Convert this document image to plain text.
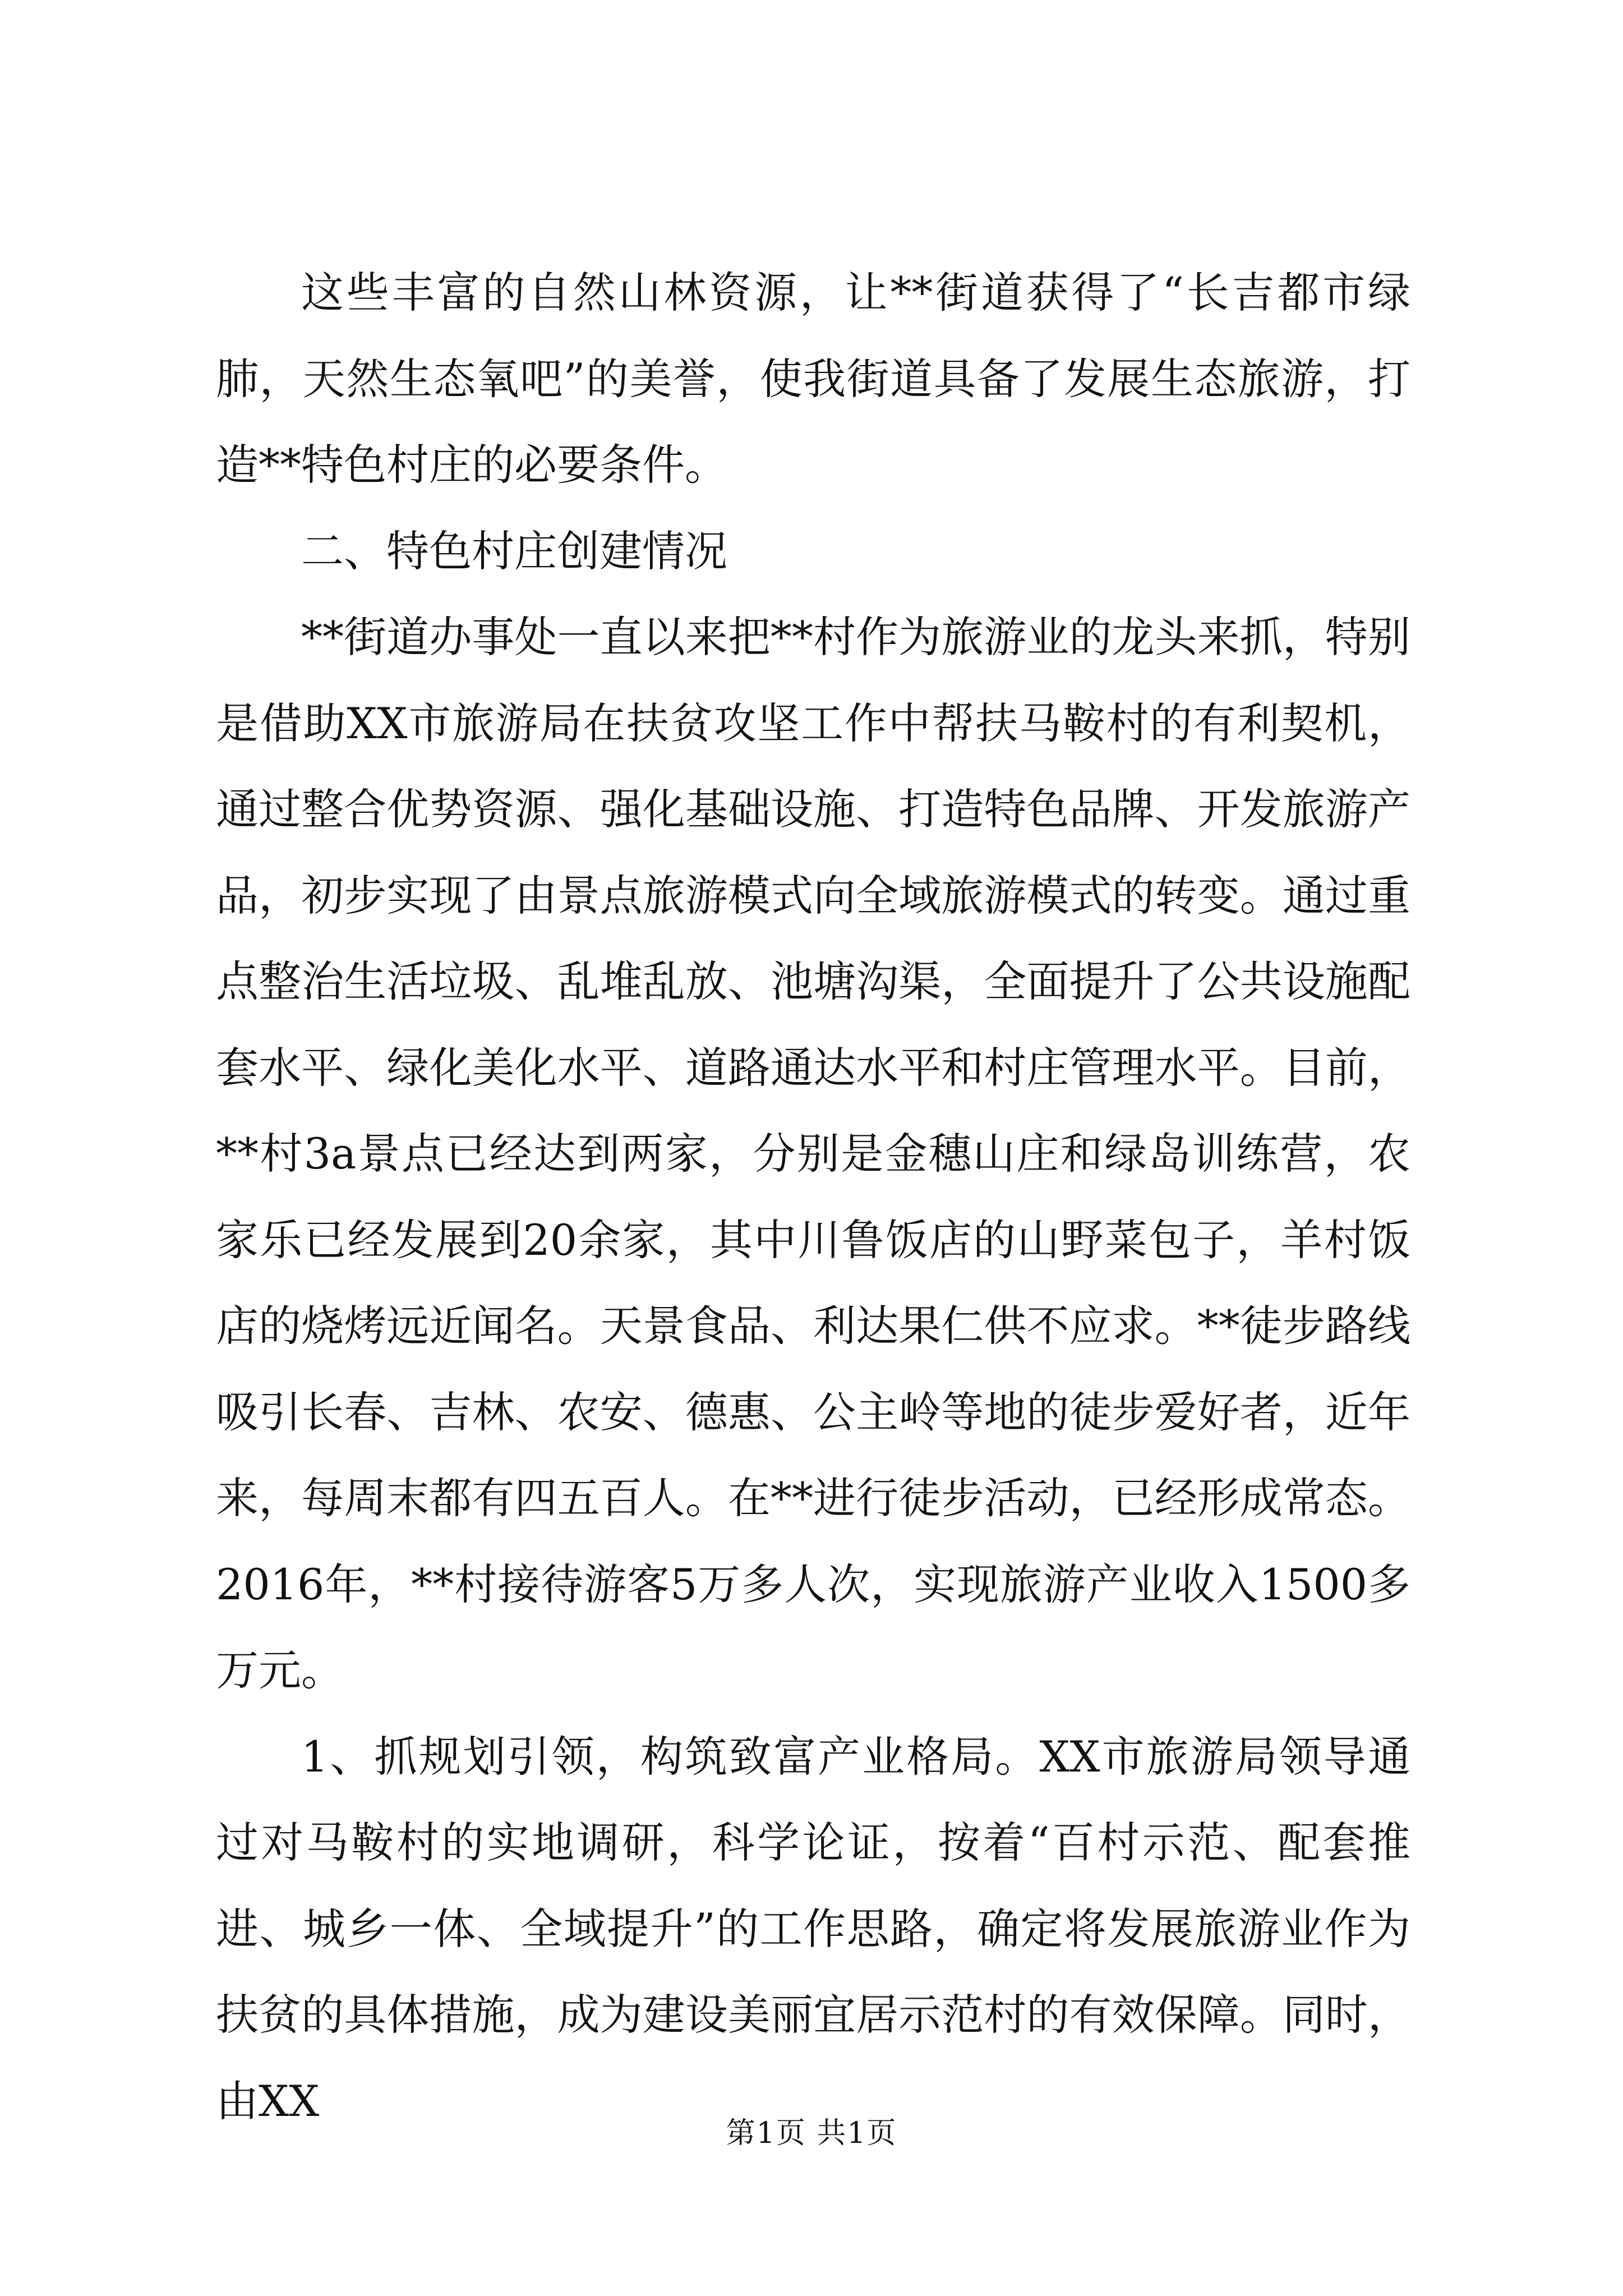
这些丰富的自然山林资源，让**街道获得了“长吉都市绿肺，天然生态氧吧”的美誉，使我街道具备了发展生态旅游，打造**特色村庄的必要条件。

二、特色村庄创建情况

**街道办事处一直以来把**村作为旅游业的龙头来抓，特别是借助XX市旅游局在扶贫攻坚工作中帮扶马鞍村的有利契机，通过整合优势资源、强化基础设施、打造特色品牌、开发旅游产品，初步实现了由景点旅游模式向全域旅游模式的转变。通过重点整治生活垃圾、乱堆乱放、池塘沟渠，全面提升了公共设施配套水平、绿化美化水平、道路通达水平和村庄管理水平。目前，**村3a景点已经达到两家，分别是金穗山庄和绿岛训练营，农家乐已经发展到20余家，其中川鲁饭店的山野菜包子，羊村饭店的烧烤远近闻名。天景食品、利达果仁供不应求。**徒步路线吸引长春、吉林、农安、德惠、公主岭等地的徒步爱好者，近年来，每周末都有四五百人。在**进行徒步活动，已经形成常态。2016年，**村接待游客5万多人次，实现旅游产业收入1500多万元。

1、抓规划引领，构筑致富产业格局。XX市旅游局领导通过对马鞍村的实地调研，科学论证，按着“百村示范、配套推进、城乡一体、全域提升”的工作思路，确定将发展旅游业作为扶贫的具体措施，成为建设美丽宜居示范村的有效保障。同时，由XX

第1页 共1页
